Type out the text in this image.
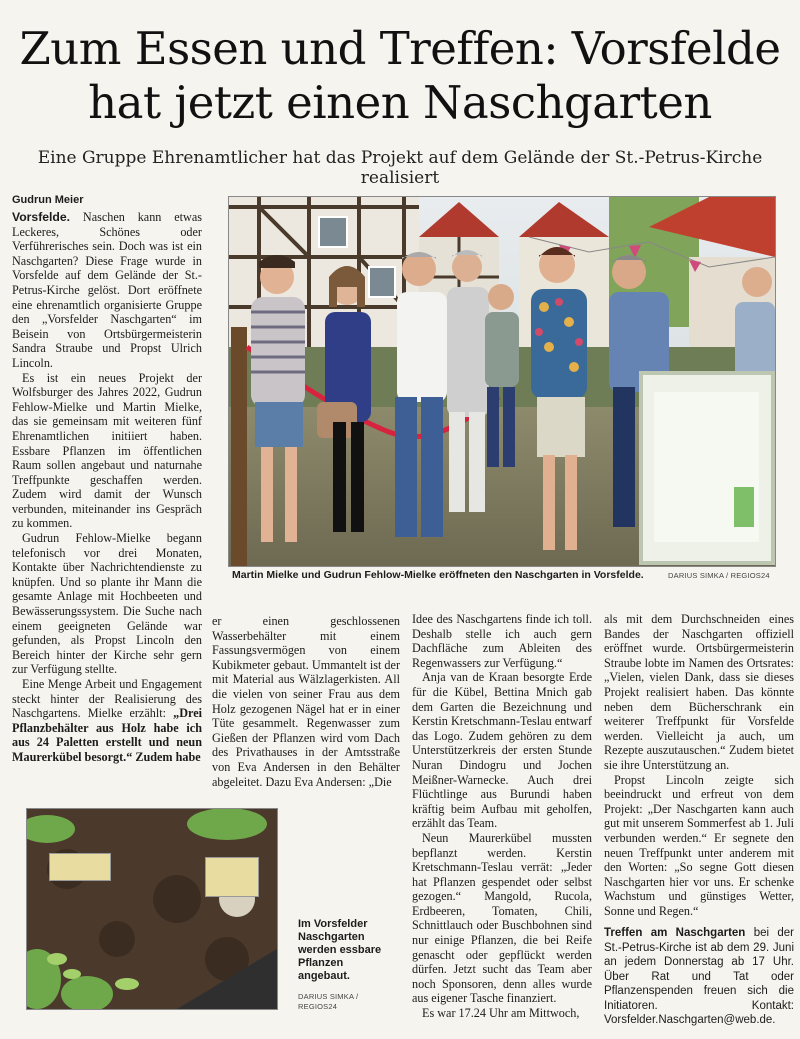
Zum Essen und Treffen: Vorsfelde
hat jetzt einen Naschgarten
Eine Gruppe Ehrenamtlicher hat das Projekt auf dem Gelände der St.-Petrus-Kirche realisiert
Gudrun Meier
Martin Mielke und Gudrun Fehlow-Mielke eröffneten den Naschgarten in Vorsfelde.	DARIUS SIMKA / REGIOS24

Vorsfelde. Naschen kann etwas Leckeres, Schönes oder Verführerisches sein. Doch was ist ein Naschgarten? Diese Frage wurde in Vorsfelde auf dem Gelände der St.-Petrus-Kirche gelöst. Dort eröffnete eine ehrenamtlich organisierte Gruppe den „Vorsfelder Naschgarten“ im Beisein von Ortsbürgermeisterin Sandra Straube und Propst Ulrich Lincoln.

Es ist ein neues Projekt der Wolfsburger des Jahres 2022, Gudrun Fehlow-Mielke und Martin Mielke, das sie gemeinsam mit weiteren fünf Ehrenamtlichen initiiert haben. Essbare Pflanzen im öffentlichen Raum sollen angebaut und naturnahe Treffpunkte geschaffen werden. Zudem wird damit der Wunsch verbunden, miteinander ins Gespräch zu kommen.

Gudrun Fehlow-Mielke begann telefonisch vor drei Monaten, Kontakte über Nachrichtendienste zu knüpfen. Und so plante ihr Mann die gesamte Anlage mit Hochbeeten und Bewässerungssystem. Die Suche nach einem geeigneten Gelände war gefunden, als Propst Lincoln den Bereich hinter der Kirche sehr gern zur Verfügung stellte.

Eine Menge Arbeit und Engagement steckt hinter der Realisierung des Naschgartens. Mielke erzählt: „Drei Pflanzbehälter aus Holz habe ich aus 24 Paletten erstellt und neun Maurerkübel besorgt.“ Zudem habe

er einen geschlossenen Wasserbehälter mit einem Fassungsvermögen von einem Kubikmeter gebaut. Ummantelt ist der mit Material aus Wälzlagerkisten. All die vielen von seiner Frau aus dem Holz gezogenen Nägel hat er in einer Tüte gesammelt. Regenwasser zum Gießen der Pflanzen wird vom Dach des Privathauses in der Amtsstraße von Eva Andersen in den Behälter abgeleitet. Dazu Eva Andersen: „Die

Idee des Naschgartens finde ich toll. Deshalb stelle ich auch gern Dachfläche zum Ableiten des Regenwassers zur Verfügung.“

Anja van de Kraan besorgte Erde für die Kübel, Bettina Mnich gab dem Garten die Bezeichnung und Kerstin Kretschmann-Teslau entwarf das Logo. Zudem gehören zu dem Unterstützerkreis der ersten Stunde Nuran Dindogru und Jochen Meißner-Warnecke. Auch drei Flüchtlinge aus Burundi haben kräftig beim Aufbau mit geholfen, erzählt das Team.

Neun Maurerkübel mussten bepflanzt werden. Kerstin Kretschmann-Teslau verrät: „Jeder hat Pflanzen gespendet oder selbst gezogen.“ Mangold, Rucola, Erdbeeren, Tomaten, Chili, Schnittlauch oder Buschbohnen sind nur einige Pflanzen, die bei Reife genascht oder gepflückt werden dürfen. Jetzt sucht das Team aber noch Sponsoren, denn alles wurde aus eigener Tasche finanziert.

Es war 17.24 Uhr am Mittwoch,

als mit dem Durchschneiden eines Bandes der Naschgarten offiziell eröffnet wurde. Ortsbürgermeisterin Straube lobte im Namen des Ortsrates: „Vielen, vielen Dank, dass sie dieses Projekt realisiert haben. Das könnte neben dem Bücherschrank ein weiterer Treffpunkt für Vorsfelde werden. Vielleicht ja auch, um Rezepte auszutauschen.“ Zudem bietet sie ihre Unterstützung an.

Propst Lincoln zeigte sich beeindruckt und erfreut von dem Projekt: „Der Naschgarten kann auch gut mit unserem Sommerfest ab 1. Juli verbunden werden.“ Er segnete den neuen Treffpunkt unter anderem mit den Worten: „So segne Gott diesen Naschgarten hier vor uns. Er schenke Wachstum und günstiges Wetter, Sonne und Regen.“

Treffen am Naschgarten bei der St.-Petrus-Kirche ist ab dem 29. Juni an jedem Donnerstag ab 17 Uhr. Über Rat und Tat oder Pflanzenspenden freuen sich die Initiatoren. Kontakt: Vorsfelder.Naschgarten@web.de.
Im Vorsfelder Naschgarten werden essbare Pflanzen angebaut.
DARIUS SIMKA /
REGIOS24
